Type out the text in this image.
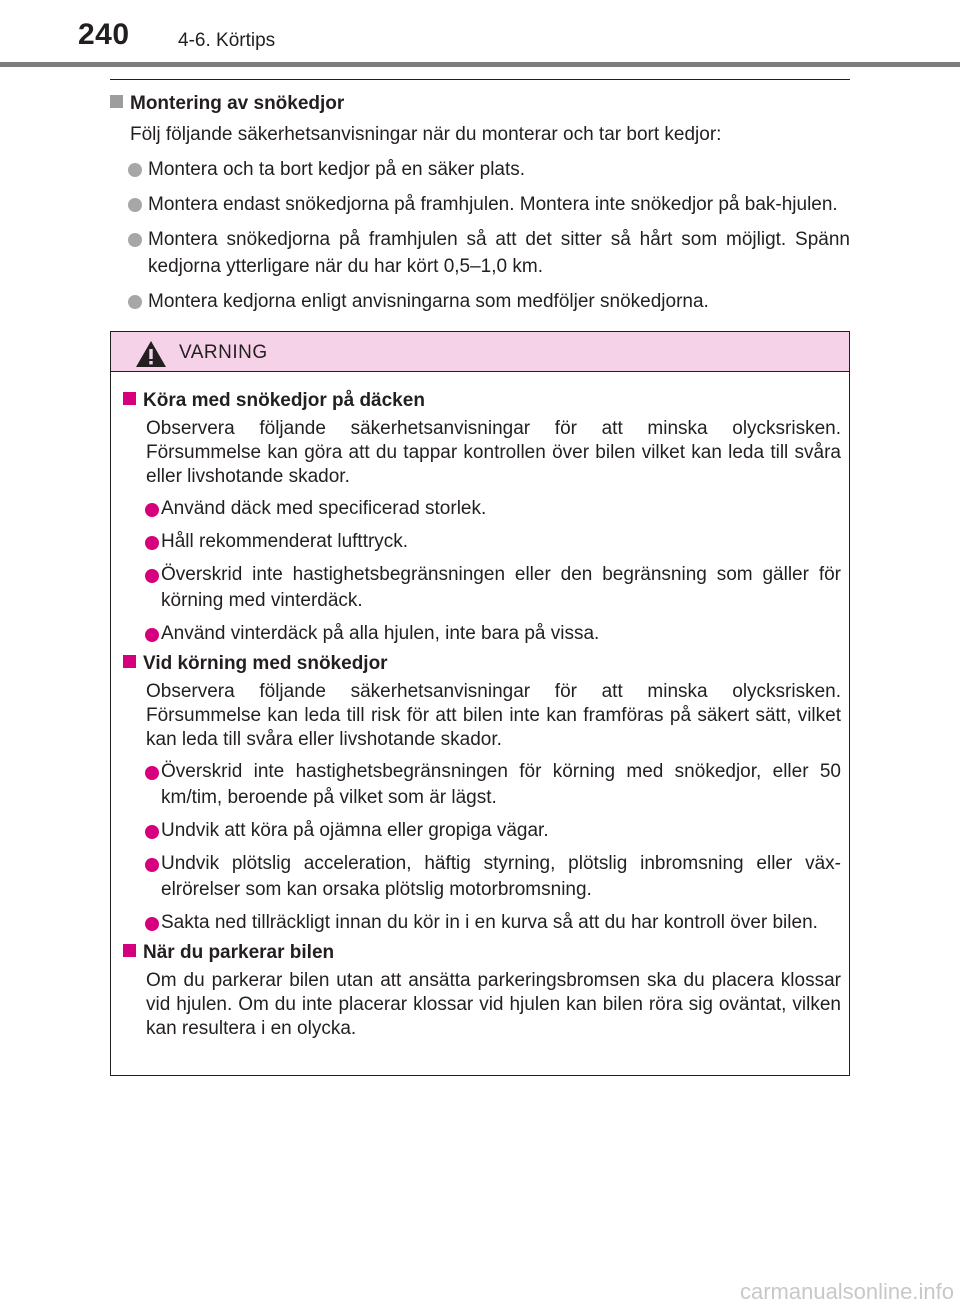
240	4-6. Körtips
Montering av snökedjor
Följ följande säkerhetsanvisningar när du monterar och tar bort kedjor:
Montera och ta bort kedjor på en säker plats.
Montera endast snökedjorna på framhjulen. Montera inte snökedjor på bak-hjulen.
Montera snökedjorna på framhjulen så att det sitter så hårt som möjligt. Spänn kedjorna ytterligare när du har kört 0,5–1,0 km.
Montera kedjorna enligt anvisningarna som medföljer snökedjorna.
VARNING
Köra med snökedjor på däcken
Observera följande säkerhetsanvisningar för att minska olycksrisken. Försummelse kan göra att du tappar kontrollen över bilen vilket kan leda till svåra eller livshotande skador.
Använd däck med specificerad storlek.
Håll rekommenderat lufttryck.
Överskrid inte hastighetsbegränsningen eller den begränsning som gäller för körning med vinterdäck.
Använd vinterdäck på alla hjulen, inte bara på vissa.
Vid körning med snökedjor
Observera följande säkerhetsanvisningar för att minska olycksrisken. Försummelse kan leda till risk för att bilen inte kan framföras på säkert sätt, vilket kan leda till svåra eller livshotande skador.
Överskrid inte hastighetsbegränsningen för körning med snökedjor, eller 50 km/tim, beroende på vilket som är lägst.
Undvik att köra på ojämna eller gropiga vägar.
Undvik plötslig acceleration, häftig styrning, plötslig inbromsning eller väx-elrörelser som kan orsaka plötslig motorbromsning.
Sakta ned tillräckligt innan du kör in i en kurva så att du har kontroll över bilen.
När du parkerar bilen
Om du parkerar bilen utan att ansätta parkeringsbromsen ska du placera klossar vid hjulen. Om du inte placerar klossar vid hjulen kan bilen röra sig oväntat, vilken kan resultera i en olycka.
carmanualsonline.info
